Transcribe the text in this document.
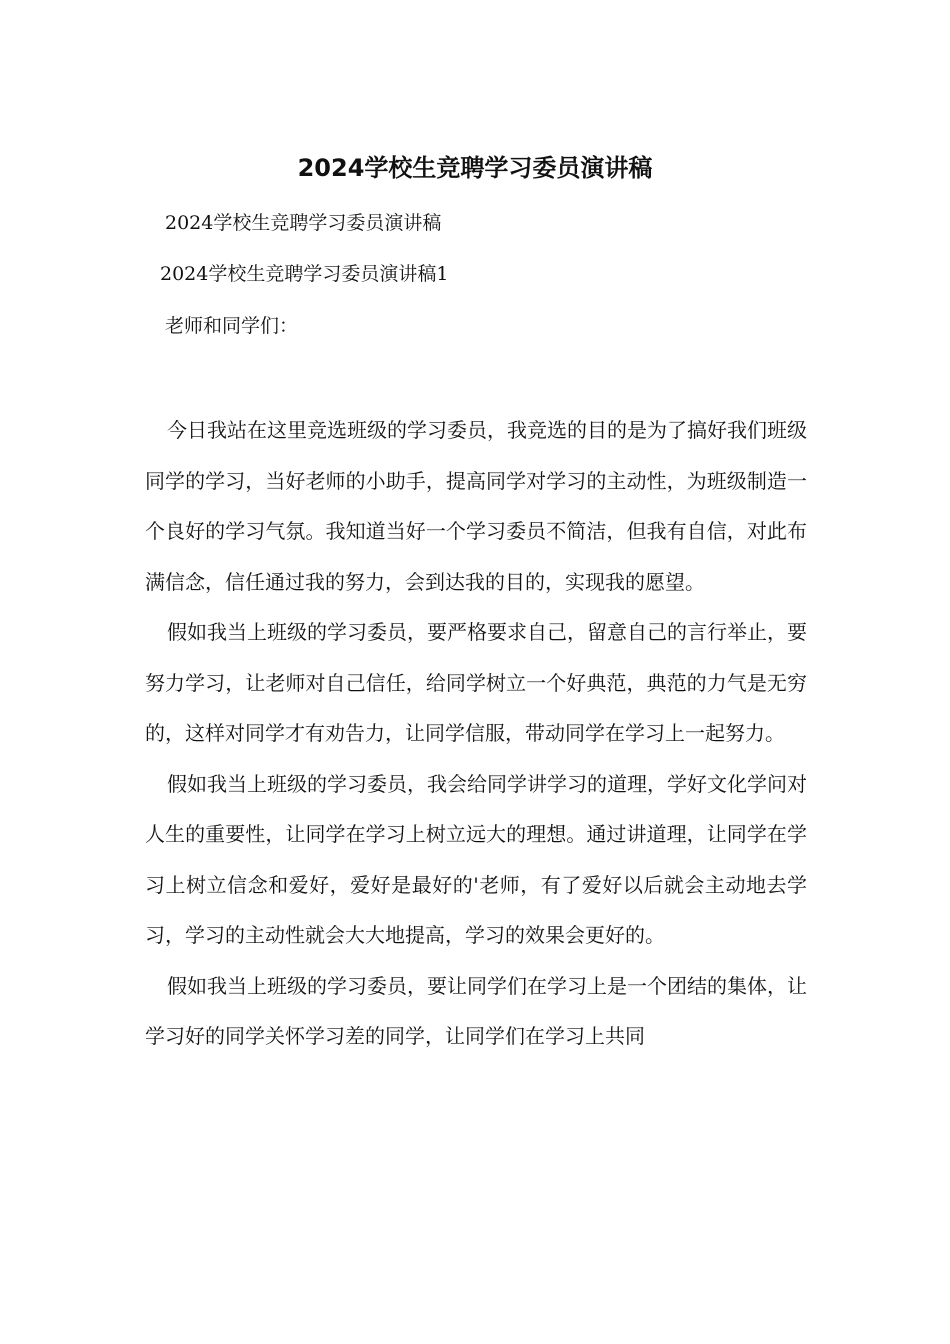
2024学校生竞聘学习委员演讲稿
2024学校生竞聘学习委员演讲稿
2024学校生竞聘学习委员演讲稿1
老师和同学们：

今日我站在这里竞选班级的学习委员，我竞选的目的是为了搞好我们班级同学的学习，当好老师的小助手，提高同学对学习的主动性，为班级制造一个良好的学习气氛。我知道当好一个学习委员不简洁，但我有自信，对此布满信念，信任通过我的努力，会到达我的目的，实现我的愿望。

假如我当上班级的学习委员，要严格要求自己，留意自己的言行举止，要努力学习，让老师对自己信任，给同学树立一个好典范，典范的力气是无穷的，这样对同学才有劝告力，让同学信服，带动同学在学习上一起努力。

假如我当上班级的学习委员，我会给同学讲学习的道理，学好文化学问对人生的重要性，让同学在学习上树立远大的理想。通过讲道理，让同学在学习上树立信念和爱好，爱好是最好的'老师，有了爱好以后就会主动地去学习，学习的主动性就会大大地提高，学习的效果会更好的。

假如我当上班级的学习委员，要让同学们在学习上是一个团结的集体，让学习好的同学关怀学习差的同学，让同学们在学习上共同
